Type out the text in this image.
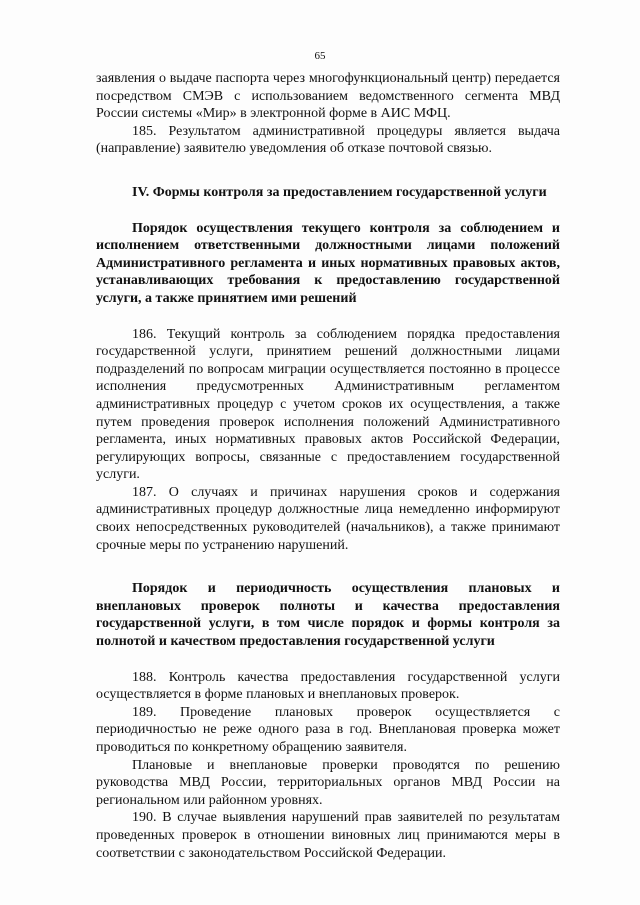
65

заявления о выдаче паспорта через многофункциональный центр) передается посредством СМЭВ с использованием ведомственного сегмента МВД России системы «Мир» в электронной форме в АИС МФЦ.

185. Результатом административной процедуры является выдача (направление) заявителю уведомления об отказе почтовой связью.

IV. Формы контроля за предоставлением государственной услуги

Порядок осуществления текущего контроля за соблюдением и исполнением ответственными должностными лицами положений Административного регламента и иных нормативных правовых актов, устанавливающих требования к предоставлению государственной услуги, а также принятием ими решений

186. Текущий контроль за соблюдением порядка предоставления государственной услуги, принятием решений должностными лицами подразделений по вопросам миграции осуществляется постоянно в процессе исполнения предусмотренных Административным регламентом административных процедур с учетом сроков их осуществления, а также путем проведения проверок исполнения положений Административного регламента, иных нормативных правовых актов Российской Федерации, регулирующих вопросы, связанные с предоставлением государственной услуги.

187. О случаях и причинах нарушения сроков и содержания административных процедур должностные лица немедленно информируют своих непосредственных руководителей (начальников), а также принимают срочные меры по устранению нарушений.

Порядок и периодичность осуществления плановых и внеплановых проверок полноты и качества предоставления государственной услуги, в том числе порядок и формы контроля за полнотой и качеством предоставления государственной услуги

188. Контроль качества предоставления государственной услуги осуществляется в форме плановых и внеплановых проверок.

189. Проведение плановых проверок осуществляется с периодичностью не реже одного раза в год. Внеплановая проверка может проводиться по конкретному обращению заявителя.

Плановые и внеплановые проверки проводятся по решению руководства МВД России, территориальных органов МВД России на региональном или районном уровнях.

190. В случае выявления нарушений прав заявителей по результатам проведенных проверок в отношении виновных лиц принимаются меры в соответствии с законодательством Российской Федерации.
